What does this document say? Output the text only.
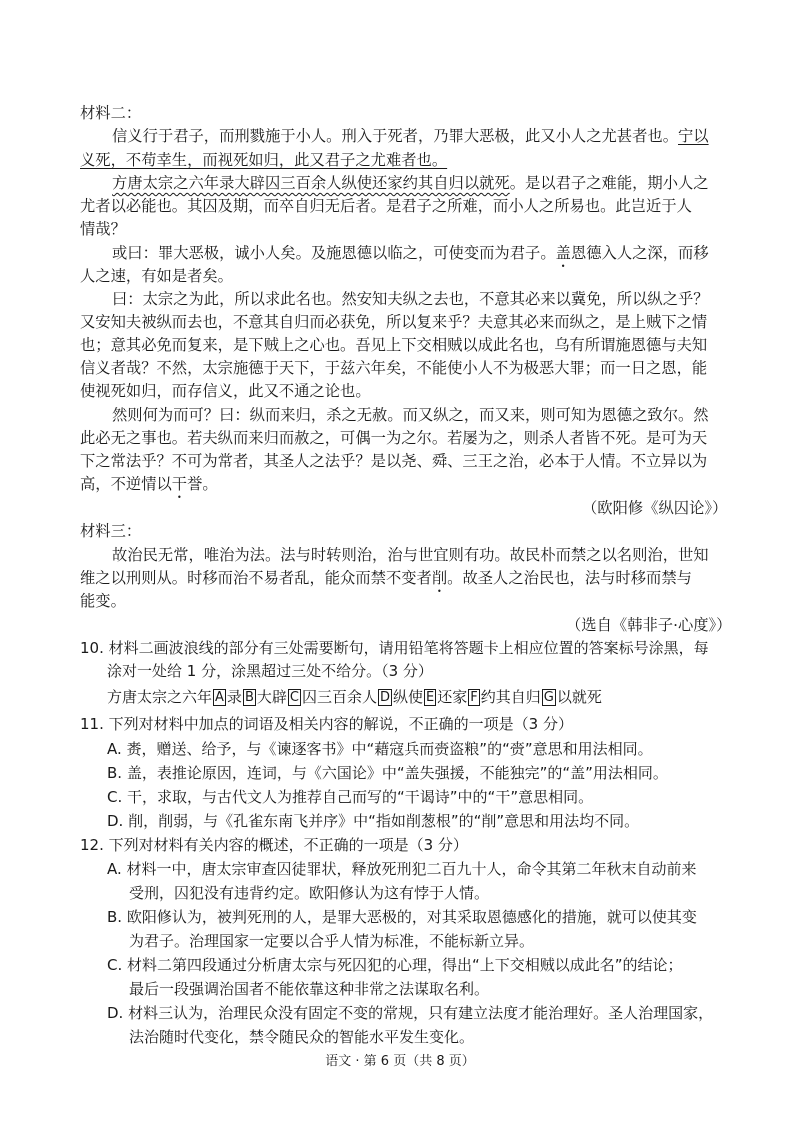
材料二：
信义行于君子，而刑戮施于小人。刑入于死者，乃罪大恶极，此又小人之尤甚者也。宁以
义死，不苟幸生，而视死如归，此又君子之尤难者也。
方唐太宗之六年录大辟囚三百余人纵使还家约其自归以就死。是以君子之难能，期小人之
尤者以必能也。其囚及期，而卒自归无后者。是君子之所难，而小人之所易也。此岂近于人
情哉？
或曰：罪大恶极，诚小人矣。及施恩德以临之，可使变而为君子。盖恩德入人之深，而移
人之速，有如是者矣。
曰：太宗之为此，所以求此名也。然安知夫纵之去也，不意其必来以冀免，所以纵之乎？
又安知夫被纵而去也，不意其自归而必获免，所以复来乎？夫意其必来而纵之，是上贼下之情
也；意其必免而复来，是下贼上之心也。吾见上下交相贼以成此名也，乌有所谓施恩德与夫知
信义者哉？不然，太宗施德于天下，于兹六年矣，不能使小人不为极恶大罪；而一日之恩，能
使视死如归，而存信义，此又不通之论也。
然则何为而可？曰：纵而来归，杀之无赦。而又纵之，而又来，则可知为恩德之致尔。然
此必无之事也。若夫纵而来归而赦之，可偶一为之尔。若屡为之，则杀人者皆不死。是可为天
下之常法乎？不可为常者，其圣人之法乎？是以尧、舜、三王之治，必本于人情。不立异以为
高，不逆情以干誉。
（欧阳修《纵囚论》）
材料三：
故治民无常，唯治为法。法与时转则治，治与世宜则有功。故民朴而禁之以名则治，世知
维之以刑则从。时移而治不易者乱，能众而禁不变者削。故圣人之治民也，法与时移而禁与
能变。
（选自《韩非子·心度》）
10. 材料二画波浪线的部分有三处需要断句，请用铅笔将答题卡上相应位置的答案标号涂黑，每
涂对一处给 1 分，涂黑超过三处不给分。（3 分）
方唐太宗之六年 A 录 B 大辟 C 囚三百余人 D 纵使 E 还家 F 约其自归 G 以就死
11. 下列对材料中加点的词语及相关内容的解说，不正确的一项是（3 分）
A. 赉，赠送、给予，与《谏逐客书》中“藉寇兵而赍盗粮”的“赍”意思和用法相同。
B. 盖，表推论原因，连词，与《六国论》中“盖失强援，不能独完”的“盖”用法相同。
C. 干，求取，与古代文人为推荐自己而写的“干谒诗”中的“干”意思相同。
D. 削，削弱，与《孔雀东南飞并序》中“指如削葱根”的“削”意思和用法均不同。
12. 下列对材料有关内容的概述，不正确的一项是（3 分）
A. 材料一中，唐太宗审查囚徒罪状，释放死刑犯二百九十人，命令其第二年秋末自动前来
受刑，囚犯没有违背约定。欧阳修认为这有悖于人情。
B. 欧阳修认为，被判死刑的人，是罪大恶极的，对其采取恩德感化的措施，就可以使其变
为君子。治理国家一定要以合乎人情为标准，不能标新立异。
C. 材料二第四段通过分析唐太宗与死囚犯的心理，得出“上下交相贼以成此名”的结论；
最后一段强调治国者不能依靠这种非常之法谋取名利。
D. 材料三认为，治理民众没有固定不变的常规，只有建立法度才能治理好。圣人治理国家，
法治随时代变化，禁令随民众的智能水平发生变化。
语文 · 第 6 页（共 8 页）
